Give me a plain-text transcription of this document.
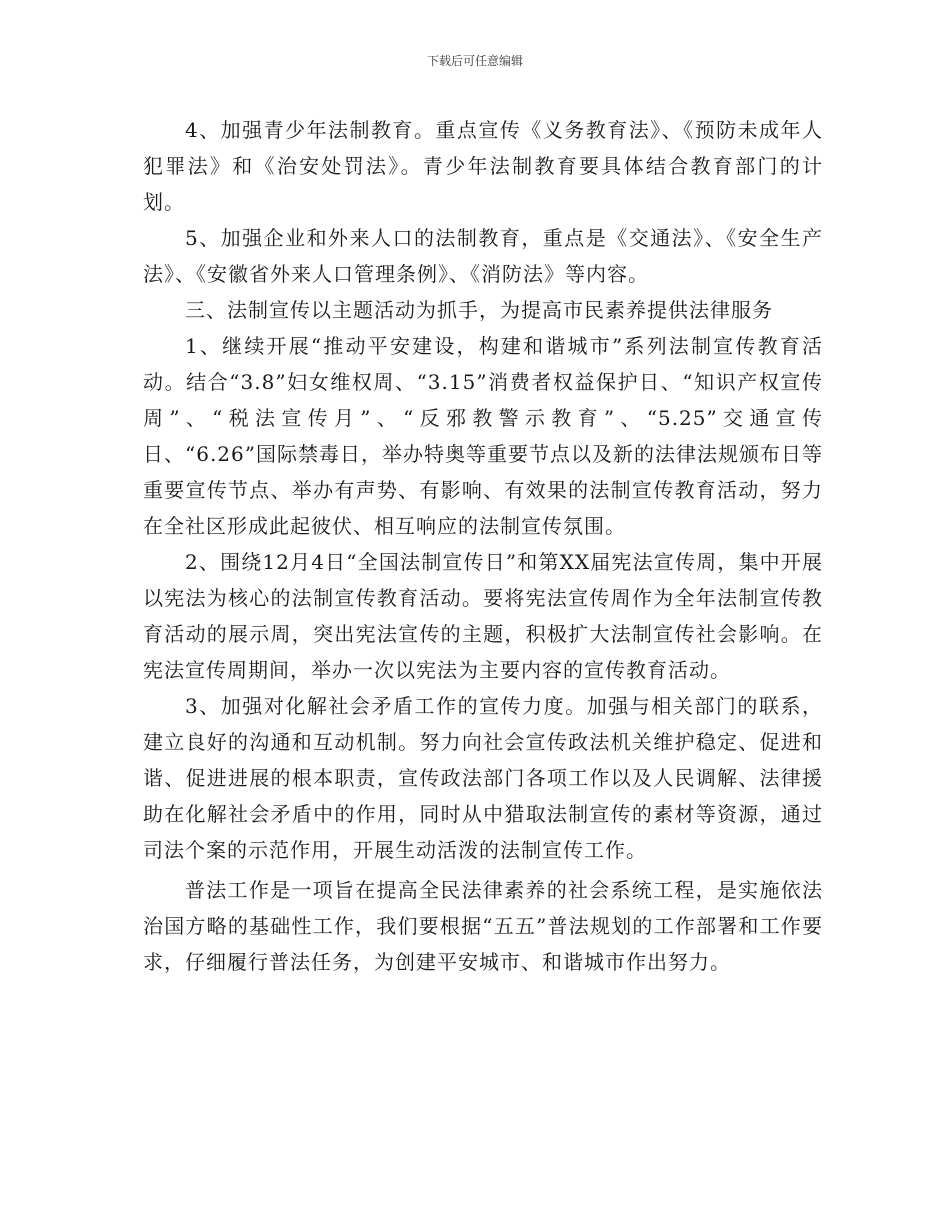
下载后可任意编辑

4、加强青少年法制教育。重点宣传《义务教育法》、《预防未成年人犯罪法》和《治安处罚法》。青少年法制教育要具体结合教育部门的计划。

5、加强企业和外来人口的法制教育，重点是《交通法》、《安全生产法》、《安徽省外来人口管理条例》、《消防法》等内容。

三、法制宣传以主题活动为抓手，为提高市民素养提供法律服务

1、继续开展“推动平安建设，构建和谐城市”系列法制宣传教育活动。结合“3.8”妇女维权周、“3.15”消费者权益保护日、“知识产权宣传周”、“税法宣传月”、“反邪教警示教育”、“5.25”交通宣传日、“6.26”国际禁毒日，举办特奥等重要节点以及新的法律法规颁布日等重要宣传节点、举办有声势、有影响、有效果的法制宣传教育活动，努力在全社区形成此起彼伏、相互响应的法制宣传氛围。

2、围绕12月4日“全国法制宣传日”和第XX届宪法宣传周，集中开展以宪法为核心的法制宣传教育活动。要将宪法宣传周作为全年法制宣传教育活动的展示周，突出宪法宣传的主题，积极扩大法制宣传社会影响。在宪法宣传周期间，举办一次以宪法为主要内容的宣传教育活动。

3、加强对化解社会矛盾工作的宣传力度。加强与相关部门的联系，建立良好的沟通和互动机制。努力向社会宣传政法机关维护稳定、促进和谐、促进进展的根本职责，宣传政法部门各项工作以及人民调解、法律援助在化解社会矛盾中的作用，同时从中猎取法制宣传的素材等资源，通过司法个案的示范作用，开展生动活泼的法制宣传工作。

普法工作是一项旨在提高全民法律素养的社会系统工程，是实施依法治国方略的基础性工作，我们要根据“五五”普法规划的工作部署和工作要求，仔细履行普法任务，为创建平安城市、和谐城市作出努力。
